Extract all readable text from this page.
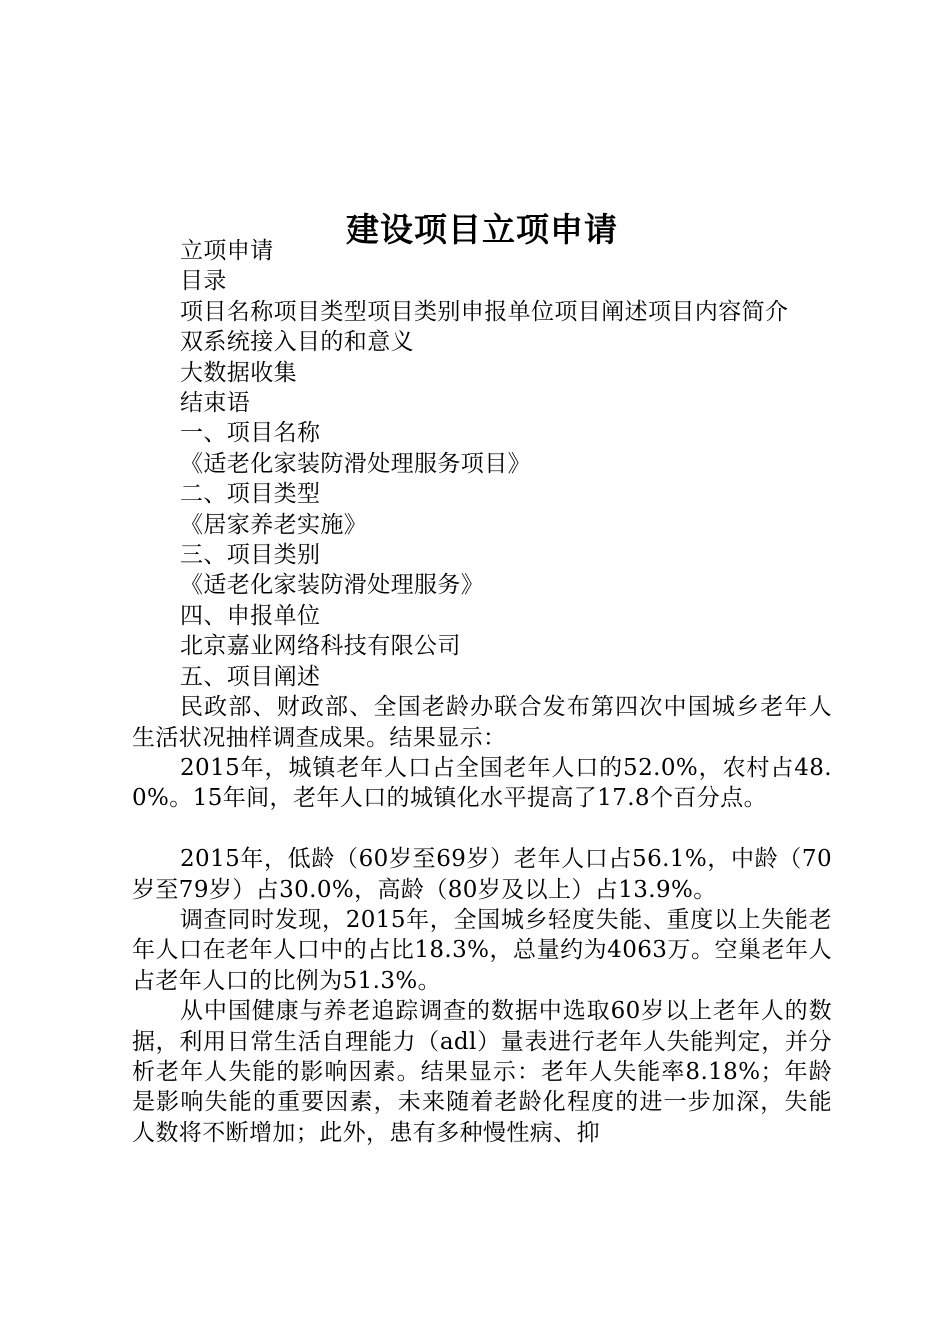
建设项目立项申请

立项申请

目录

项目名称项目类型项目类别申报单位项目阐述项目内容简介

双系统接入目的和意义

大数据收集

结束语

一、项目名称

《适老化家装防滑处理服务项目》

二、项目类型

《居家养老实施》

三、项目类别

《适老化家装防滑处理服务》

四、申报单位

北京嘉业网络科技有限公司

五、项目阐述

民政部、财政部、全国老龄办联合发布第四次中国城乡老年人生活状况抽样调查成果。结果显示：

2015年，城镇老年人口占全国老年人口的52.0%，农村占48.0%。15年间，老年人口的城镇化水平提高了17.8个百分点。

2015年，低龄（60岁至69岁）老年人口占56.1%，中龄（70岁至79岁）占30.0%，高龄（80岁及以上）占13.9%。

调查同时发现，2015年，全国城乡轻度失能、重度以上失能老年人口在老年人口中的占比18.3%，总量约为4063万。空巢老年人占老年人口的比例为51.3%。

从中国健康与养老追踪调查的数据中选取60岁以上老年人的数据，利用日常生活自理能力（adl）量表进行老年人失能判定，并分析老年人失能的影响因素。结果显示：老年人失能率8.18%；年龄是影响失能的重要因素，未来随着老龄化程度的进一步加深，失能人数将不断增加；此外，患有多种慢性病、抑
